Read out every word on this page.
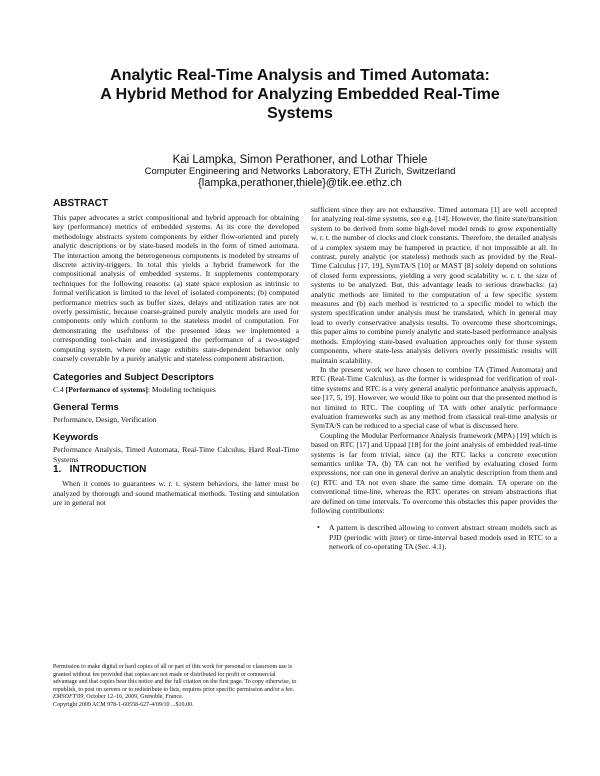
Analytic Real-Time Analysis and Timed Automata:
A Hybrid Method for Analyzing Embedded Real-Time
Systems
Kai Lampka, Simon Perathoner, and Lothar Thiele
Computer Engineering and Networks Laboratory, ETH Zurich, Switzerland
{lampka,perathoner,thiele}@tik.ee.ethz.ch
ABSTRACT

This paper advocates a strict compositional and hybrid approach for obtaining key (performance) metrics of embedded systems. At its core the developed methodology abstracts system components by either flow-oriented and purely analytic descriptions or by state-based models in the form of timed automata. The interaction among the heterogeneous components is modeled by streams of discrete activity-triggers. In total this yields a hybrid framework for the compositional analysis of embedded systems. It supplements contemporary techniques for the following reasons: (a) state space explosion as intrinsic to formal verification is limited to the level of isolated components; (b) computed performance metrics such as buffer sizes, delays and utilization rates are not overly pessimistic, because coarse-grained purely analytic models are used for components only which conform to the stateless model of computation. For demonstrating the usefulness of the presented ideas we implemented a corresponding tool-chain and investigated the performance of a two-staged computing system, where one stage exhibits state-dependent behavior only coarsely coverable by a purely analytic and stateless component abstraction.

Categories and Subject Descriptors

C.4 [Performance of systems]: Modeling techniques

General Terms

Performance, Design, Verification

Keywords

Performance Analysis, Timed Automata, Real-Time Calculus, Hard Real-Time Systems

1.   INTRODUCTION

When it comes to guarantees w. r. t. system behaviors, the latter must be analyzed by thorough and sound mathematical methods. Testing and simulation are in general not

Permission to make digital or hard copies of all or part of this work for personal or classroom use is granted without fee provided that copies are not made or distributed for profit or commercial advantage and that copies bear this notice and the full citation on the first page. To copy otherwise, to republish, to post on servers or to redistribute to lists, requires prior specific permission and/or a fee.

EMSOFT'09, October 12–16, 2009, Grenoble, France.

Copyright 2009 ACM 978-1-60558-627-4/09/10 ...$10.00.

sufficient since they are not exhaustive. Timed automata [1] are well accepted for analyzing real-time systems, see e.g. [14]. However, the finite state/transition system to be derived from some high-level model tends to grow exponentially w. r. t. the number of clocks and clock constants. Therefore, the detailed analysis of a complex system may be hampered in practice, if not impossible at all. In contrast, purely analytic (or stateless) methods such as provided by the Real-Time Calculus [17, 19], SymTA/S [10] or MAST [8] solely depend on solutions of closed form expressions, yielding a very good scalability w. r. t. the size of systems to be analyzed. But, this advantage leads to serious drawbacks: (a) analytic methods are limited to the computation of a few specific system measures and (b) each method is restricted to a specific model to which the system specification under analysis must be translated, which in general may lead to overly conservative analysis results. To overcome these shortcomings, this paper aims to combine purely analytic and state-based performance analysis methods. Employing state-based evaluation approaches only for those system components, where state-less analysis delivers overly pessimistic results will maintain scalability.

In the present work we have chosen to combine TA (Timed Automata) and RTC (Real-Time Calculus), as the former is widespread for verification of real-time systems and RTC is a very general analytic performance analysis approach, see [17, 5, 19]. However, we would like to point out that the presented method is not limited to RTC. The coupling of TA with other analytic performance evaluation frameworks such as any method from classical real-time analysis or SymTA/S can be reduced to a special case of what is discussed here.

Coupling the Modular Performance Analysis framework (MPA) [19] which is based on RTC [17] and Uppaal [18] for the joint analysis of embedded real-time systems is far from trivial, since (a) the RTC lacks a concrete execution semantics unlike TA, (b) TA can not be verified by evaluating closed form expressions, nor can one in general derive an analytic description from them and (c) RTC and TA not even share the same time domain. TA operate on the conventional time-line, whereas the RTC operates on stream abstractions that are defined on time intervals. To overcome this obstacles this paper provides the following contributions:

• A pattern is described allowing to convert abstract stream models such as PJD (periodic with jitter) or time-interval based models used in RTC to a network of co-operating TA (Sec. 4.1).
